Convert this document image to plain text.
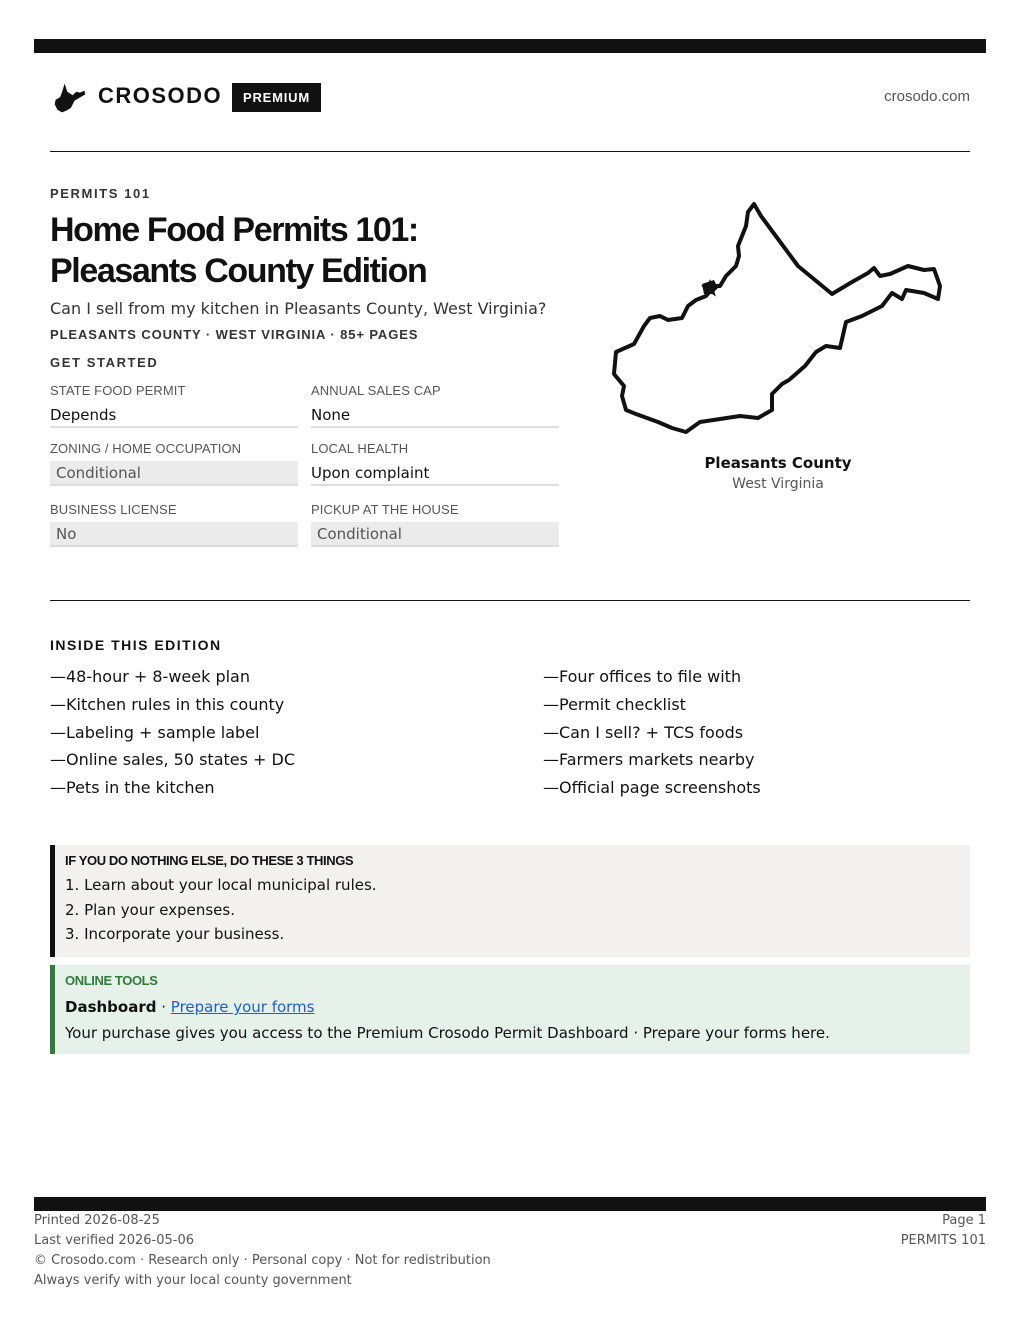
CROSODO	PREMIUM	crosodo.com
PERMITS 101
Home Food Permits 101:
Pleasants County Edition
Can I sell from my kitchen in Pleasants County, West Virginia?
PLEASANTS COUNTY · WEST VIRGINIA · 85+ PAGES
GET STARTED
STATE FOOD PERMIT
Depends
ANNUAL SALES CAP
None
ZONING / HOME OCCUPATION
Conditional
LOCAL HEALTH
Upon complaint
BUSINESS LICENSE
No
PICKUP AT THE HOUSE
Conditional
Pleasants County
West Virginia
INSIDE THIS EDITION
—48-hour + 8-week plan
—Kitchen rules in this county
—Labeling + sample label
—Online sales, 50 states + DC
—Pets in the kitchen
—Four offices to file with
—Permit checklist
—Can I sell? + TCS foods
—Farmers markets nearby
—Official page screenshots
IF YOU DO NOTHING ELSE, DO THESE 3 THINGS
1. Learn about your local municipal rules.
2. Plan your expenses.
3. Incorporate your business.
ONLINE TOOLS
Dashboard · Prepare your forms
Your purchase gives you access to the Premium Crosodo Permit Dashboard · Prepare your forms here.
Printed 2026-08-25
Last verified 2026-05-06
© Crosodo.com · Research only · Personal copy · Not for redistribution
Always verify with your local county government
Page 1
PERMITS 101
